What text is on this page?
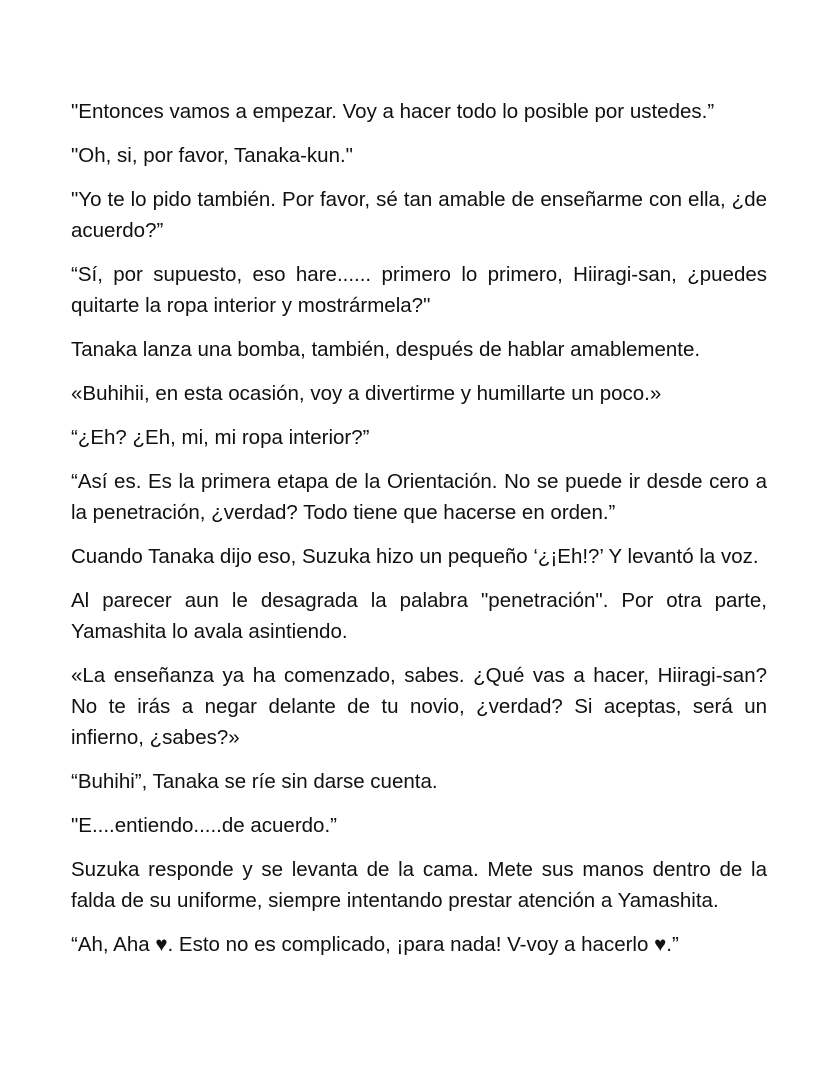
"Entonces vamos a empezar. Voy a hacer todo lo posible por ustedes.”

"Oh, si, por favor, Tanaka-kun."

"Yo te lo pido también. Por favor, sé tan amable de enseñarme con ella, ¿de acuerdo?”

“Sí, por supuesto, eso hare...... primero lo primero, Hiiragi-san, ¿puedes quitarte la ropa interior y mostrármela?"

Tanaka lanza una bomba, también, después de hablar amablemente.

«Buhihii, en esta ocasión, voy a divertirme y humillarte un poco.»

“¿Eh? ¿Eh, mi, mi ropa interior?”

“Así es. Es la primera etapa de la Orientación. No se puede ir desde cero a la penetración, ¿verdad? Todo tiene que hacerse en orden.”

Cuando Tanaka dijo eso, Suzuka hizo un pequeño ‘¿¡Eh!?’ Y levantó la voz.

Al parecer aun le desagrada la palabra "penetración". Por otra parte, Yamashita lo avala asintiendo.

«La enseñanza ya ha comenzado, sabes. ¿Qué vas a hacer, Hiiragi-san? No te irás a negar delante de tu novio, ¿verdad? Si aceptas, será un infierno, ¿sabes?»

“Buhihi”, Tanaka se ríe sin darse cuenta.

"E....entiendo.....de acuerdo.”

Suzuka responde y se levanta de la cama. Mete sus manos dentro de la falda de su uniforme, siempre intentando prestar atención a Yamashita.

“Ah, Aha ♥. Esto no es complicado, ¡para nada! V-voy a hacerlo ♥.”
